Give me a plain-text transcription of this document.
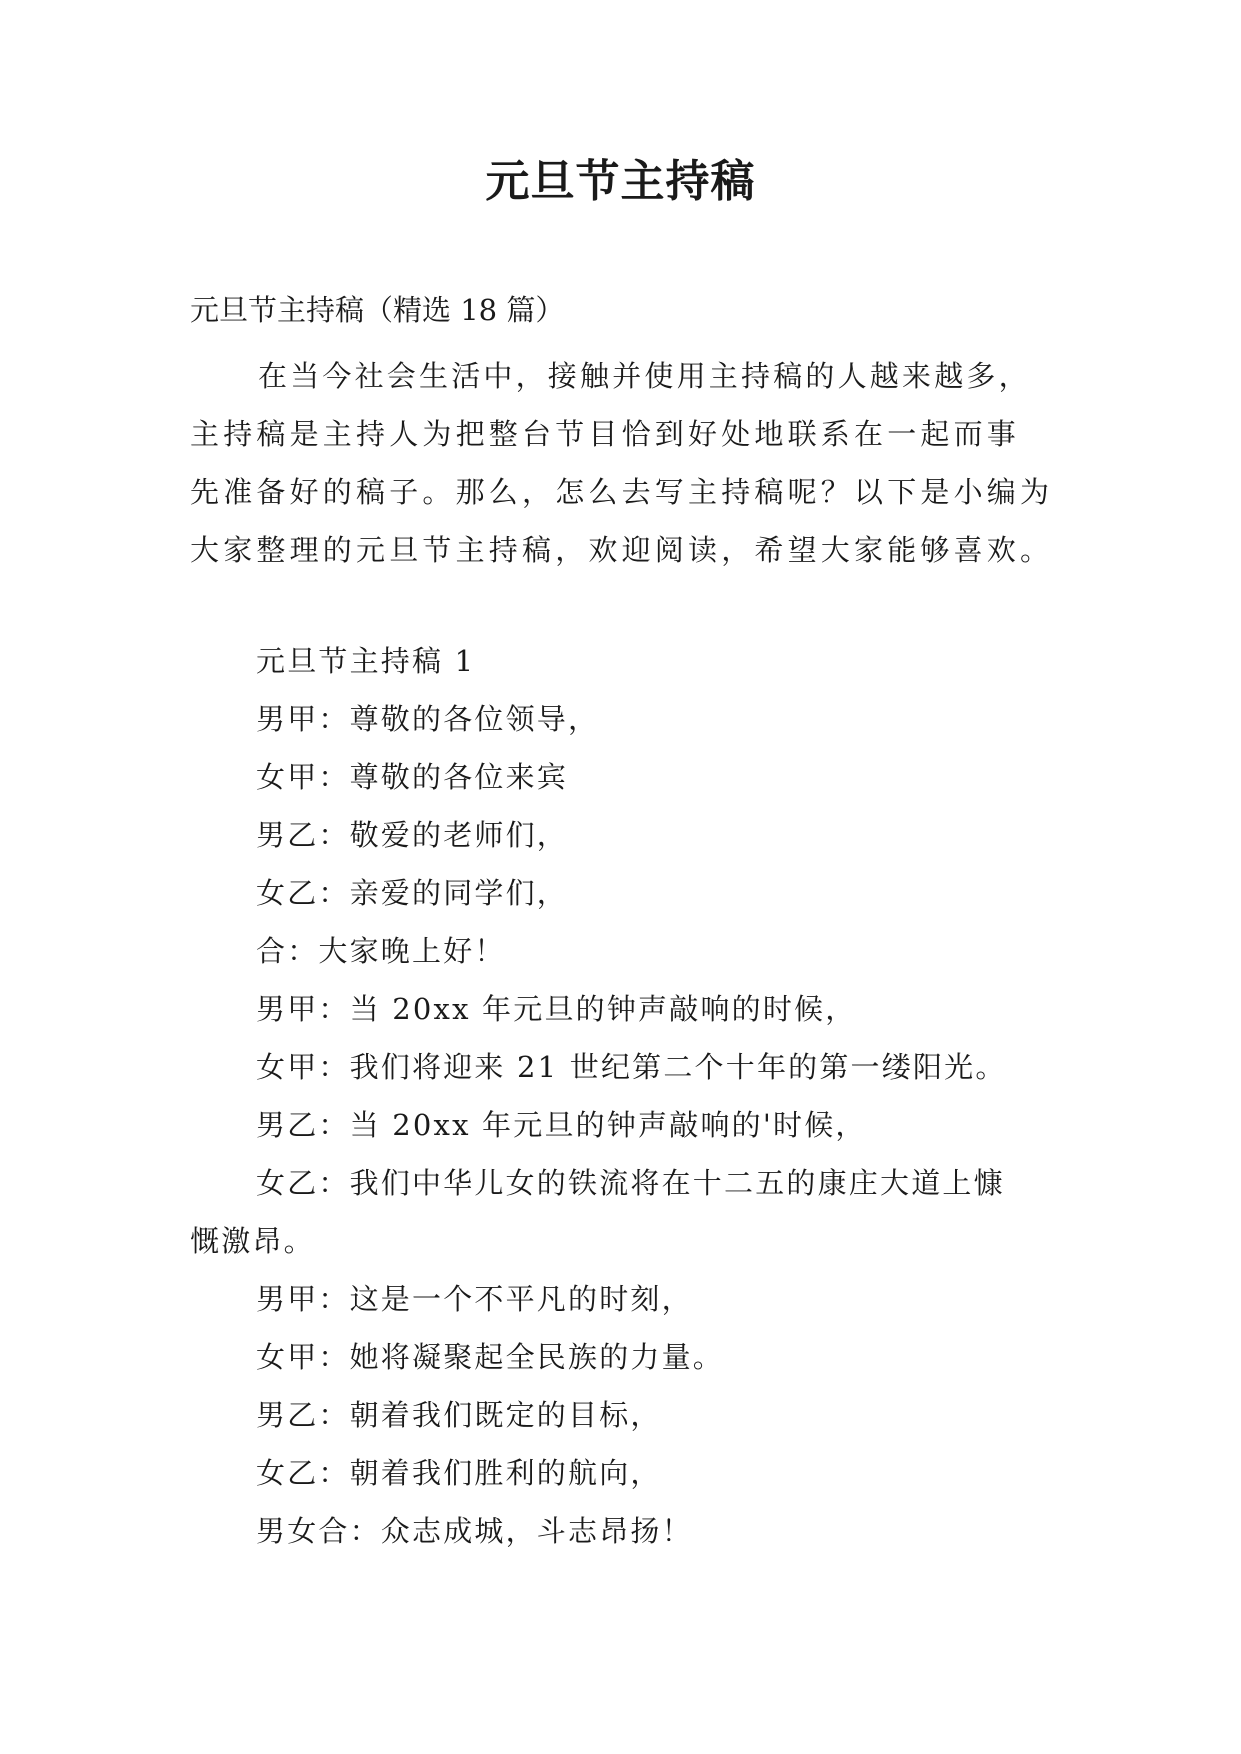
元旦节主持稿

元旦节主持稿（精选 18 篇）

在当今社会生活中，接触并使用主持稿的人越来越多，
主持稿是主持人为把整台节目恰到好处地联系在一起而事
先准备好的稿子。那么，怎么去写主持稿呢？以下是小编为
大家整理的元旦节主持稿，欢迎阅读，希望大家能够喜欢。
元旦节主持稿 1
男甲：尊敬的各位领导，
女甲：尊敬的各位来宾
男乙：敬爱的老师们，
女乙：亲爱的同学们，
合：大家晚上好！
男甲：当 20xx 年元旦的钟声敲响的时候，
女甲：我们将迎来 21 世纪第二个十年的第一缕阳光。
男乙：当 20xx 年元旦的钟声敲响的'时候，
女乙：我们中华儿女的铁流将在十二五的康庄大道上慷
慨激昂。
男甲：这是一个不平凡的时刻，
女甲：她将凝聚起全民族的力量。
男乙：朝着我们既定的目标，
女乙：朝着我们胜利的航向，
男女合：众志成城，斗志昂扬！
